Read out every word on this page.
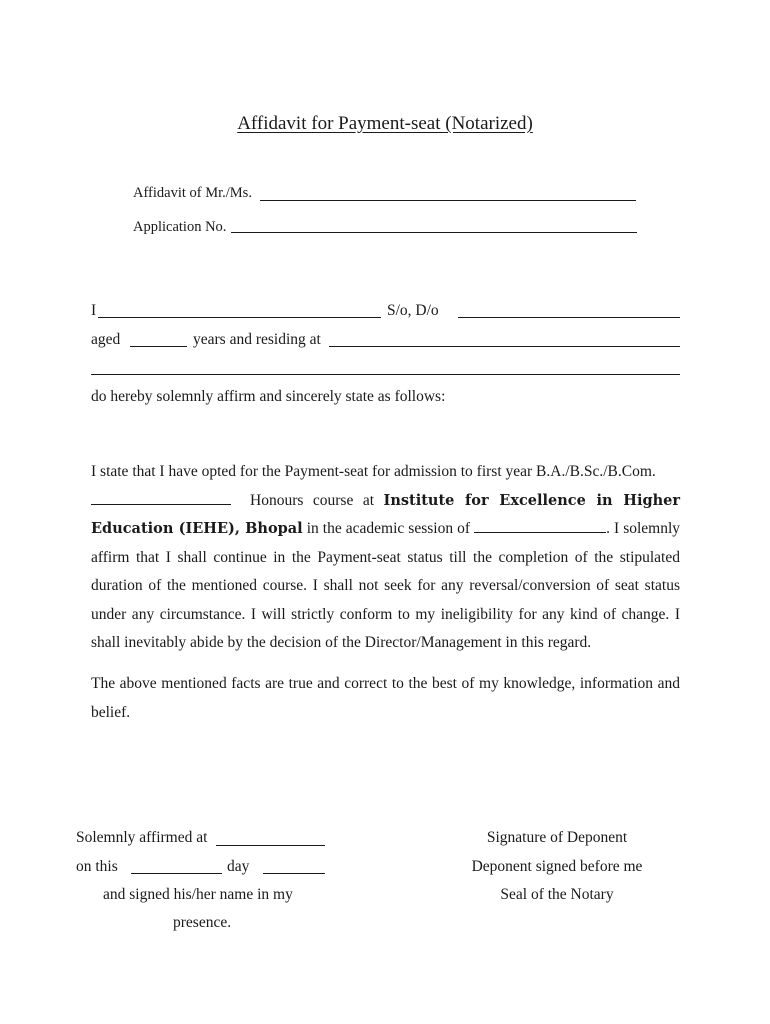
Affidavit for Payment-seat (Notarized)
Affidavit of Mr./Ms.
Application No.
I	S/o, D/o
aged	years and residing at
do hereby solemnly affirm and sincerely state as follows:
I state that I have opted for the Payment-seat for admission to first year B.A./B.Sc./B.Com.
Honours course at Institute for Excellence in Higher Education (IEHE), Bhopal in the academic session of	. I solemnly affirm that I shall continue in the Payment-seat status till the completion of the stipulated duration of the mentioned course. I shall not seek for any reversal/conversion of seat status under any circumstance. I will strictly conform to my ineligibility for any kind of change. I shall inevitably abide by the decision of the Director/Management in this regard.
The above mentioned facts are true and correct to the best of my knowledge, information and belief.
Solemnly affirmed at
on this	day
and signed his/her name in my
presence.
Signature of Deponent
Deponent signed before me
Seal of the Notary
